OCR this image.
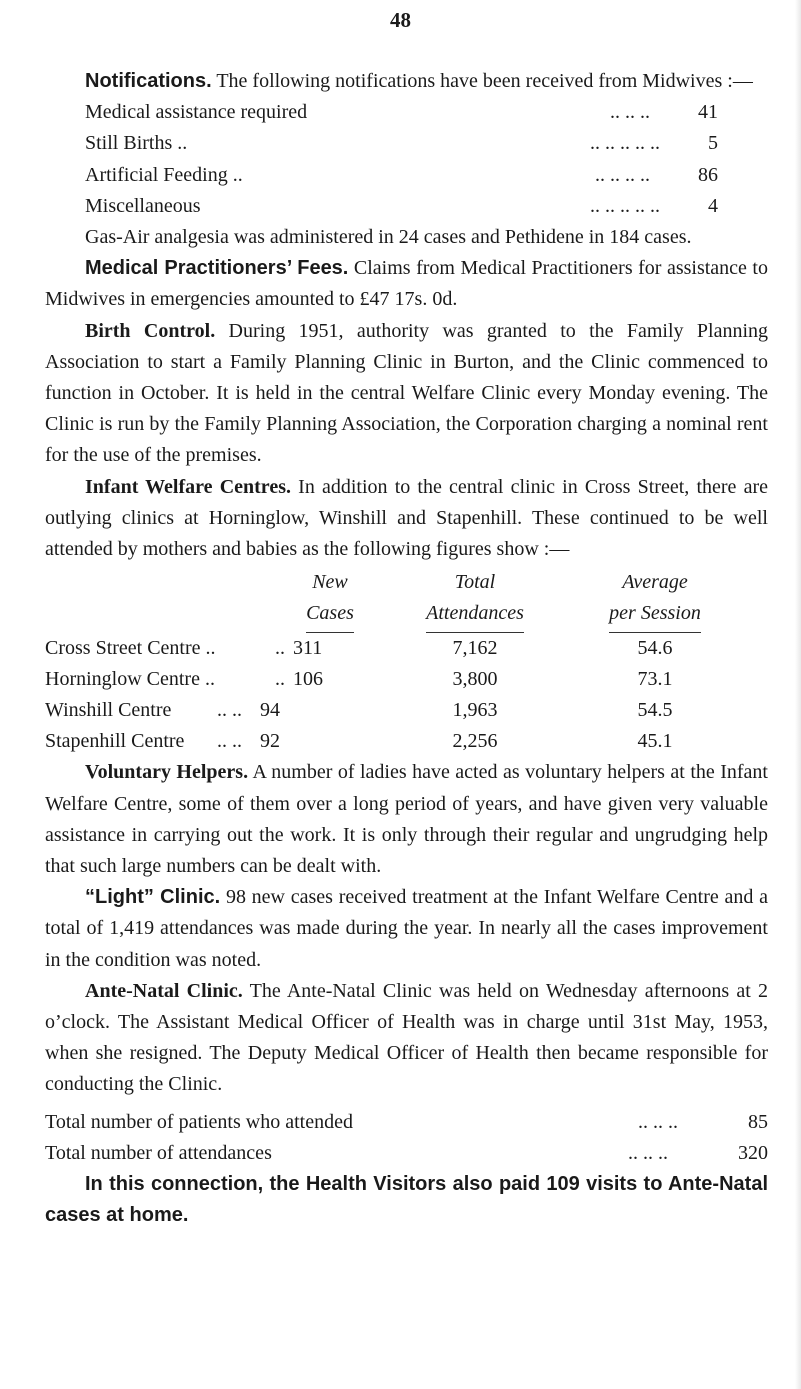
48

Notifications. The following notifications have been received from Midwives :—

Medical assistance required	.. .. .. 41
Still Births ..	.. .. .. .. .. 5
Artificial Feeding ..	.. .. .. .. 86
Miscellaneous	.. .. .. .. .. 4

Gas-Air analgesia was administered in 24 cases and Pethidene in 184 cases.

Medical Practitioners’ Fees. Claims from Medical Practitioners for assistance to Midwives in emergencies amounted to £47 17s. 0d.

Birth Control. During 1951, authority was granted to the Family Planning Association to start a Family Planning Clinic in Burton, and the Clinic commenced to function in October. It is held in the central Welfare Clinic every Monday evening. The Clinic is run by the Family Planning Association, the Corporation charging a nominal rent for the use of the premises.

Infant Welfare Centres. In addition to the central clinic in Cross Street, there are outlying clinics at Horninglow, Winshill and Stapenhill. These continued to be well attended by mothers and babies as the following figures show :—

	New	Total	Average
	Cases	Attendances	per Session
Cross Street Centre ..	.. 311	7,162	54.6
Horninglow Centre ..	.. 106	3,800	73.1
Winshill Centre	.. .. 94	1,963	54.5
Stapenhill Centre	.. .. 92	2,256	45.1

Voluntary Helpers. A number of ladies have acted as voluntary helpers at the Infant Welfare Centre, some of them over a long period of years, and have given very valuable assistance in carrying out the work. It is only through their regular and ungrudging help that such large numbers can be dealt with.

“Light” Clinic. 98 new cases received treatment at the Infant Welfare Centre and a total of 1,419 attendances was made during the year. In nearly all the cases improvement in the condition was noted.

Ante-Natal Clinic. The Ante-Natal Clinic was held on Wednesday afternoons at 2 o’clock. The Assistant Medical Officer of Health was in charge until 31st May, 1953, when she resigned. The Deputy Medical Officer of Health then became responsible for conducting the Clinic.

Total number of patients who attended	.. .. ..	85
Total number of attendances	.. .. ..	320

In this connection, the Health Visitors also paid 109 visits to Ante-Natal cases at home.
